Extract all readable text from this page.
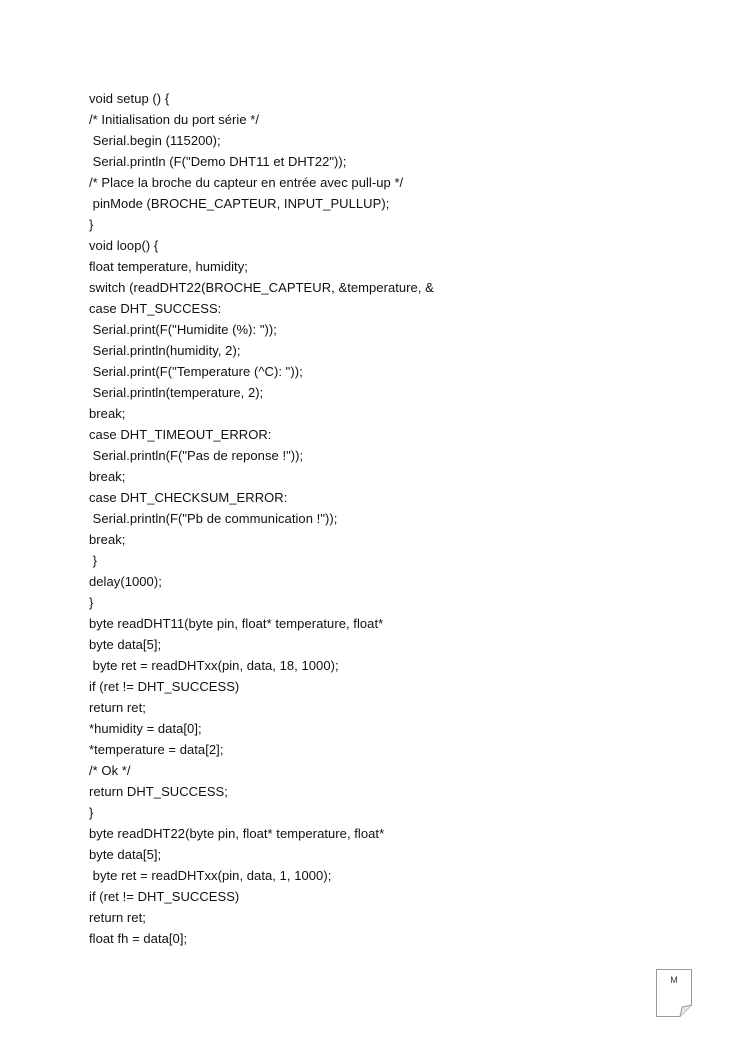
void setup () {
/* Initialisation du port série */
Serial.begin (115200);
Serial.println (F("Demo DHT11 et DHT22"));
/* Place la broche du capteur en entrée avec pull-up */
pinMode (BROCHE_CAPTEUR, INPUT_PULLUP);
}
void loop() {
float temperature, humidity;
switch (readDHT22(BROCHE_CAPTEUR, &temperature, &
case DHT_SUCCESS:
Serial.print(F("Humidite (%): "));
Serial.println(humidity, 2);
Serial.print(F("Temperature (^C): "));
Serial.println(temperature, 2);
break;
case DHT_TIMEOUT_ERROR:
Serial.println(F("Pas de reponse !"));
break;
case DHT_CHECKSUM_ERROR:
Serial.println(F("Pb de communication !"));
break;
}
delay(1000);
}
byte readDHT11(byte pin, float* temperature, float*
byte data[5];
byte ret = readDHTxx(pin, data, 18, 1000);
if (ret != DHT_SUCCESS)
return ret;
*humidity = data[0];
*temperature = data[2];
/* Ok */
return DHT_SUCCESS;
}
byte readDHT22(byte pin, float* temperature, float*
byte data[5];
byte ret = readDHTxx(pin, data, 1, 1000);
if (ret != DHT_SUCCESS)
return ret;
float fh = data[0];
M
